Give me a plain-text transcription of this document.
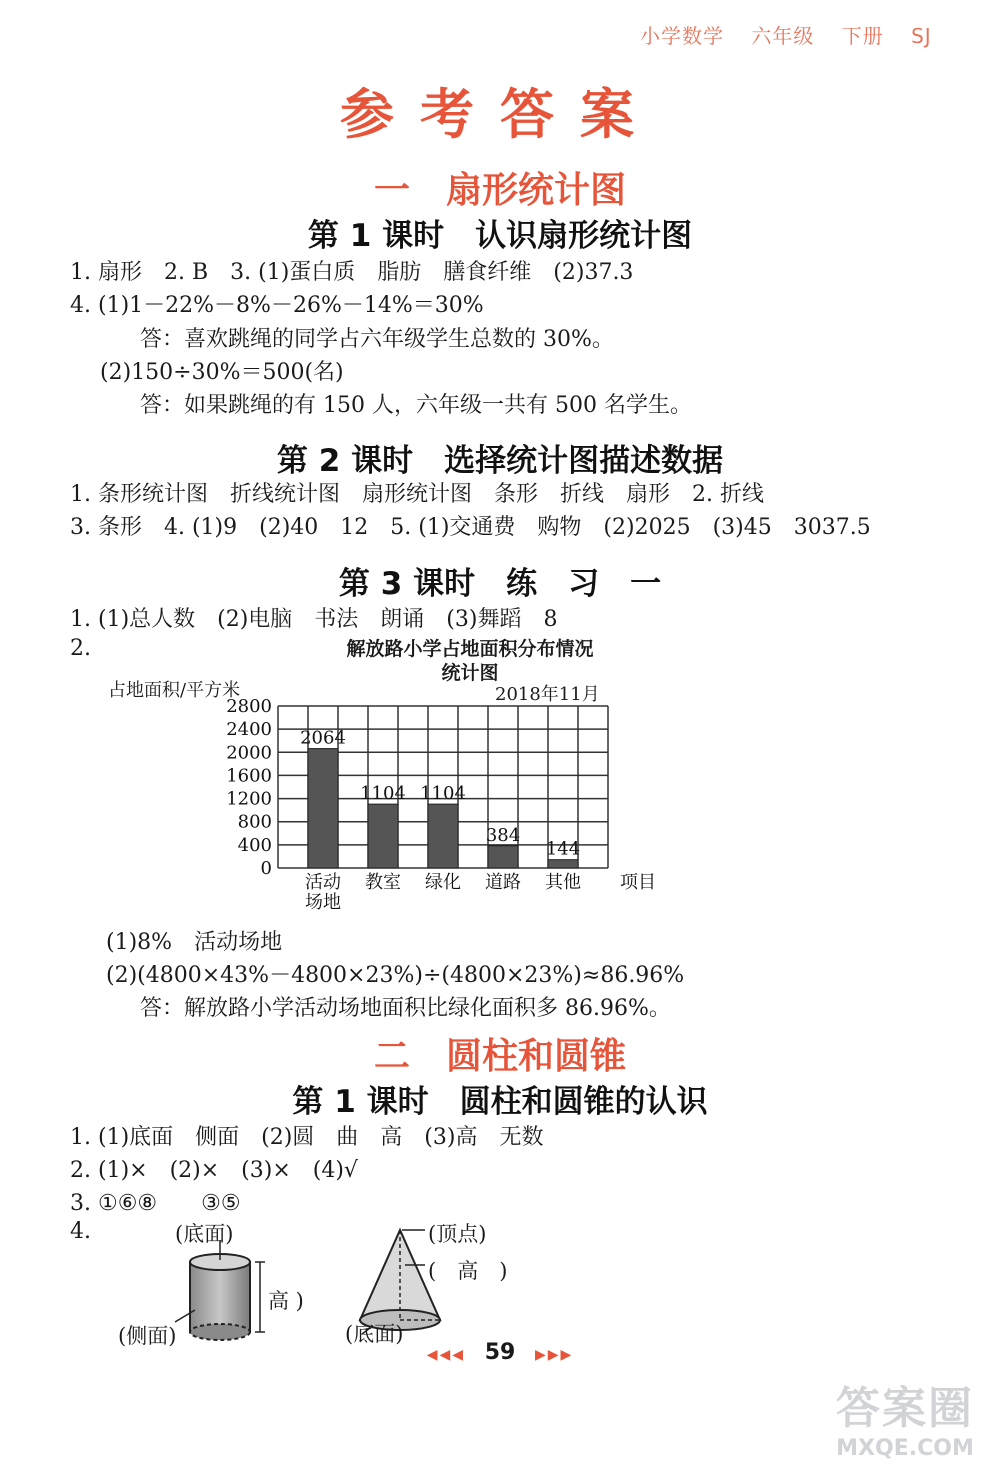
小学数学 六年级 下册 SJ
参考答案
一　扇形统计图
第 1 课时　认识扇形统计图
1. 扇形　2. B　3. (1)蛋白质　脂肪　膳食纤维　(2)37.3
4. (1)1－22%－8%－26%－14%＝30%
答：喜欢跳绳的同学占六年级学生总数的 30%。
(2)150÷30%＝500(名)
答：如果跳绳的有 150 人，六年级一共有 500 名学生。
第 2 课时　选择统计图描述数据
1. 条形统计图　折线统计图　扇形统计图　条形　折线　扇形　2. 折线
3. 条形　4. (1)9　(2)40　12　5. (1)交通费　购物　(2)2025　(3)45　3037.5
第 3 课时　练　习　一
1. (1)总人数　(2)电脑　书法　朗诵　(3)舞蹈　8
2.	解放路小学占地面积分布情况
统计图
占地面积/平方米	2018年11月
0
400
800
1200
1600
2000
2400
2800
2064
活动
场地
1104
教室
1104
绿化
384
道路
144
其他 项目
(1)8%　活动场地
(2)(4800×43%－4800×23%)÷(4800×23%)≈86.96%
答：解放路小学活动场地面积比绿化面积多 86.96%。
二　圆柱和圆锥
第 1 课时　圆柱和圆锥的认识
1. (1)底面　侧面　(2)圆　曲　高　(3)高　无数
2. (1)×　(2)×　(3)×　(4)√
3. ①⑥⑧　　③⑤
4.	(底面)
高 )
(侧面)
(顶点)
(　高　)
(底面)
◀◀◀ 59 ▶▶▶
答案圈
MXQE.COM
